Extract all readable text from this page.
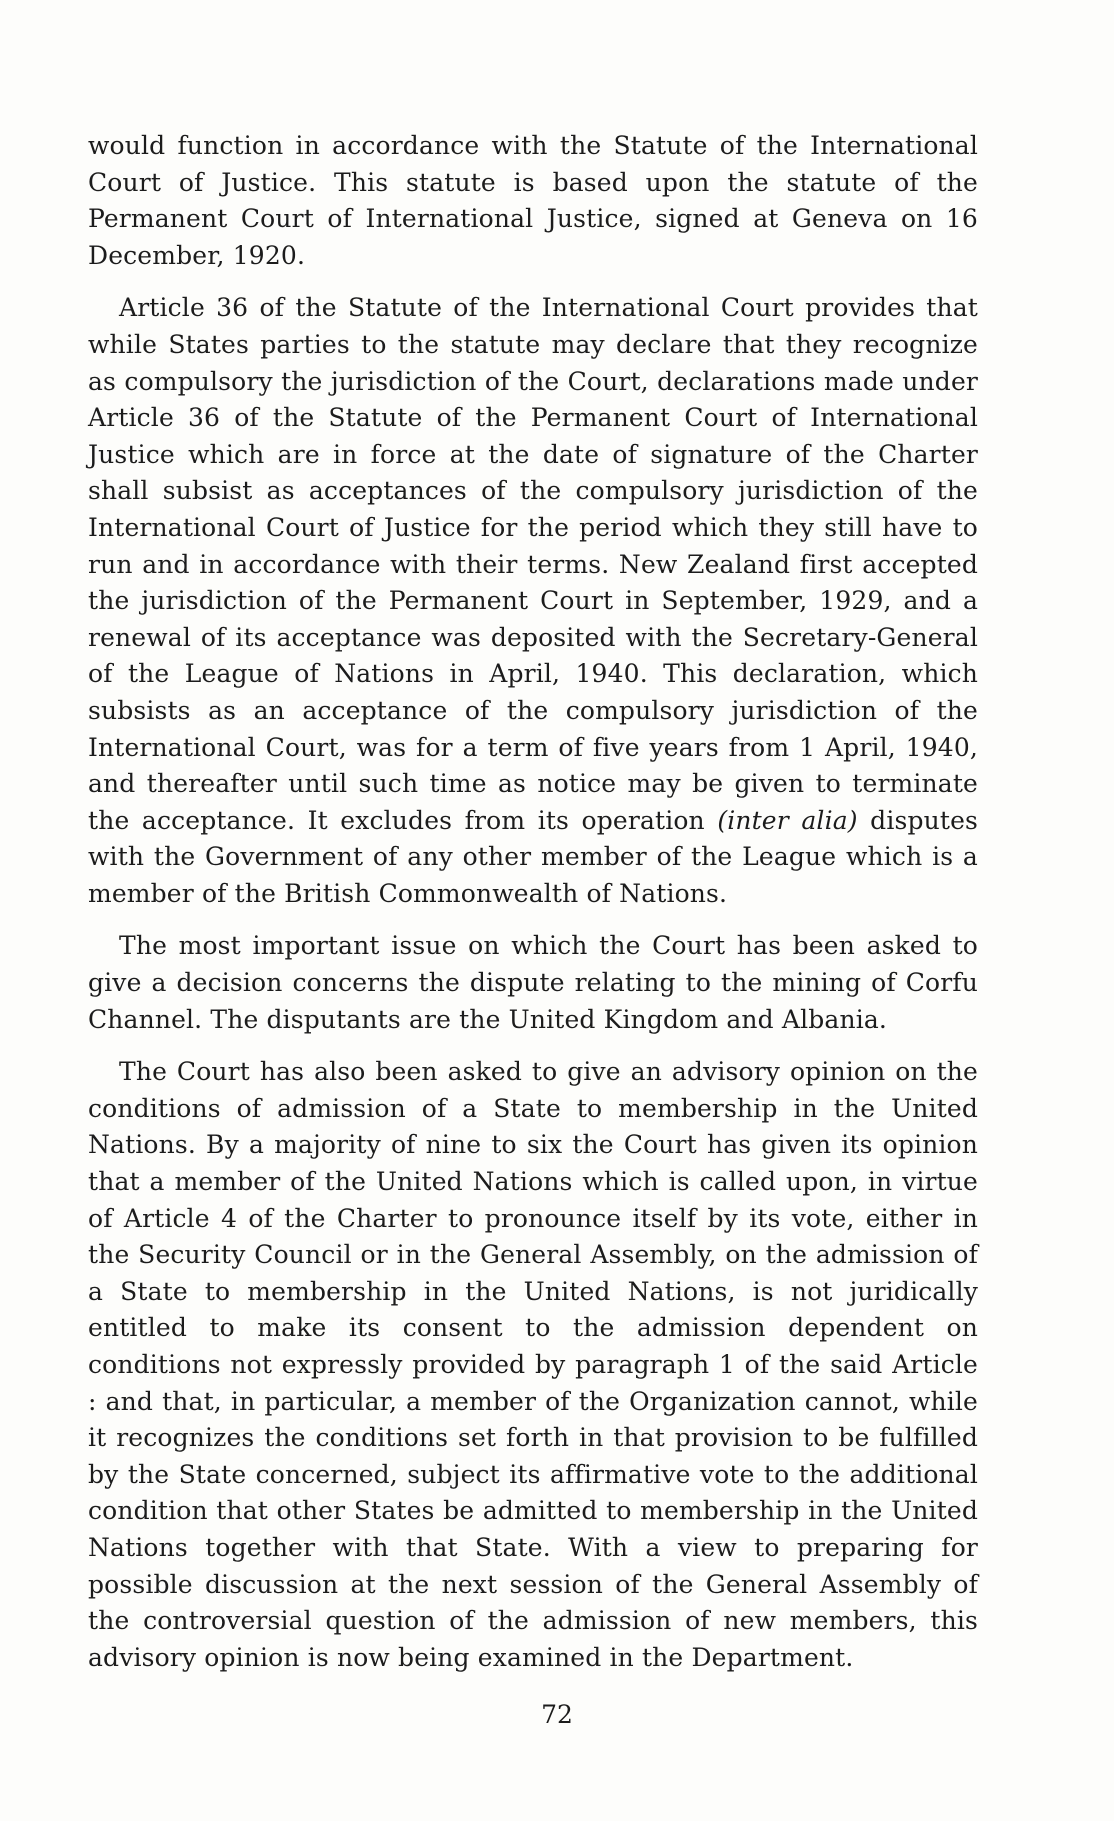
would function in accordance with the Statute of the International Court of Justice. This statute is based upon the statute of the Permanent Court of International Justice, signed at Geneva on 16 December, 1920.

Article 36 of the Statute of the International Court provides that while States parties to the statute may declare that they recognize as compulsory the jurisdiction of the Court, declarations made under Article 36 of the Statute of the Permanent Court of International Justice which are in force at the date of signature of the Charter shall subsist as acceptances of the compulsory jurisdiction of the International Court of Justice for the period which they still have to run and in accordance with their terms. New Zealand first accepted the jurisdiction of the Permanent Court in September, 1929, and a renewal of its acceptance was deposited with the Secretary-General of the League of Nations in April, 1940. This declaration, which subsists as an acceptance of the compulsory jurisdiction of the International Court, was for a term of five years from 1 April, 1940, and thereafter until such time as notice may be given to terminate the acceptance. It excludes from its operation (inter alia) disputes with the Government of any other member of the League which is a member of the British Commonwealth of Nations.

The most important issue on which the Court has been asked to give a decision concerns the dispute relating to the mining of Corfu Channel. The disputants are the United Kingdom and Albania.

The Court has also been asked to give an advisory opinion on the conditions of admission of a State to membership in the United Nations. By a majority of nine to six the Court has given its opinion that a member of the United Nations which is called upon, in virtue of Article 4 of the Charter to pronounce itself by its vote, either in the Security Council or in the General Assembly, on the admission of a State to membership in the United Nations, is not juridically entitled to make its consent to the admission dependent on conditions not expressly provided by paragraph 1 of the said Article : and that, in particular, a member of the Organization cannot, while it recognizes the conditions set forth in that provision to be fulfilled by the State concerned, subject its affirmative vote to the additional condition that other States be admitted to membership in the United Nations together with that State. With a view to preparing for possible discussion at the next session of the General Assembly of the controversial question of the admission of new members, this advisory opinion is now being examined in the Department.

72
